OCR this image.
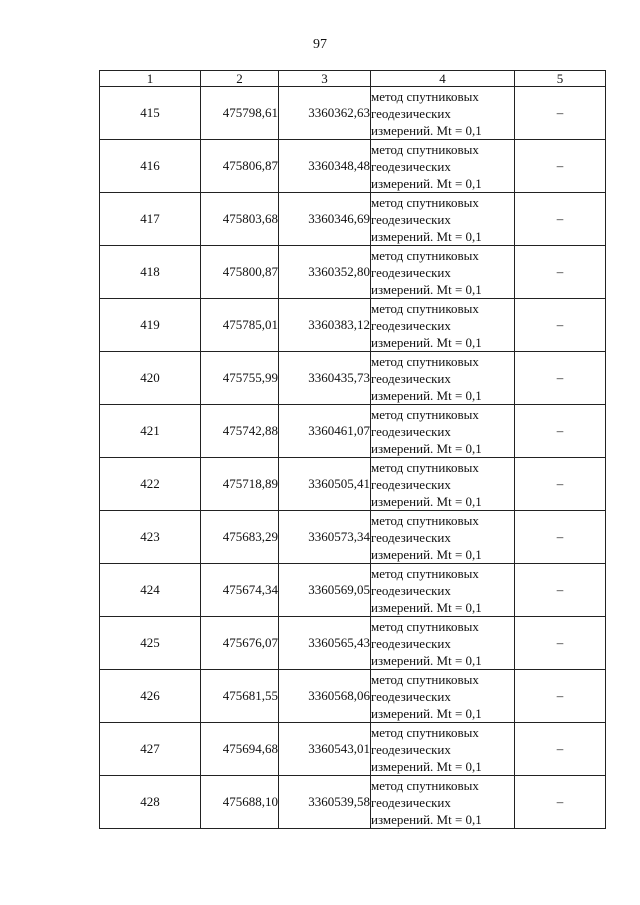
97
1	2	3	4	5
415	475798,61	3360362,63	метод спутниковых
геодезических
измерений. Mt = 0,1	–
416	475806,87	3360348,48	метод спутниковых
геодезических
измерений. Mt = 0,1	–
417	475803,68	3360346,69	метод спутниковых
геодезических
измерений. Mt = 0,1	–
418	475800,87	3360352,80	метод спутниковых
геодезических
измерений. Mt = 0,1	–
419	475785,01	3360383,12	метод спутниковых
геодезических
измерений. Mt = 0,1	–
420	475755,99	3360435,73	метод спутниковых
геодезических
измерений. Mt = 0,1	–
421	475742,88	3360461,07	метод спутниковых
геодезических
измерений. Mt = 0,1	–
422	475718,89	3360505,41	метод спутниковых
геодезических
измерений. Mt = 0,1	–
423	475683,29	3360573,34	метод спутниковых
геодезических
измерений. Mt = 0,1	–
424	475674,34	3360569,05	метод спутниковых
геодезических
измерений. Mt = 0,1	–
425	475676,07	3360565,43	метод спутниковых
геодезических
измерений. Mt = 0,1	–
426	475681,55	3360568,06	метод спутниковых
геодезических
измерений. Mt = 0,1	–
427	475694,68	3360543,01	метод спутниковых
геодезических
измерений. Mt = 0,1	–
428	475688,10	3360539,58	метод спутниковых
геодезических
измерений. Mt = 0,1	–
